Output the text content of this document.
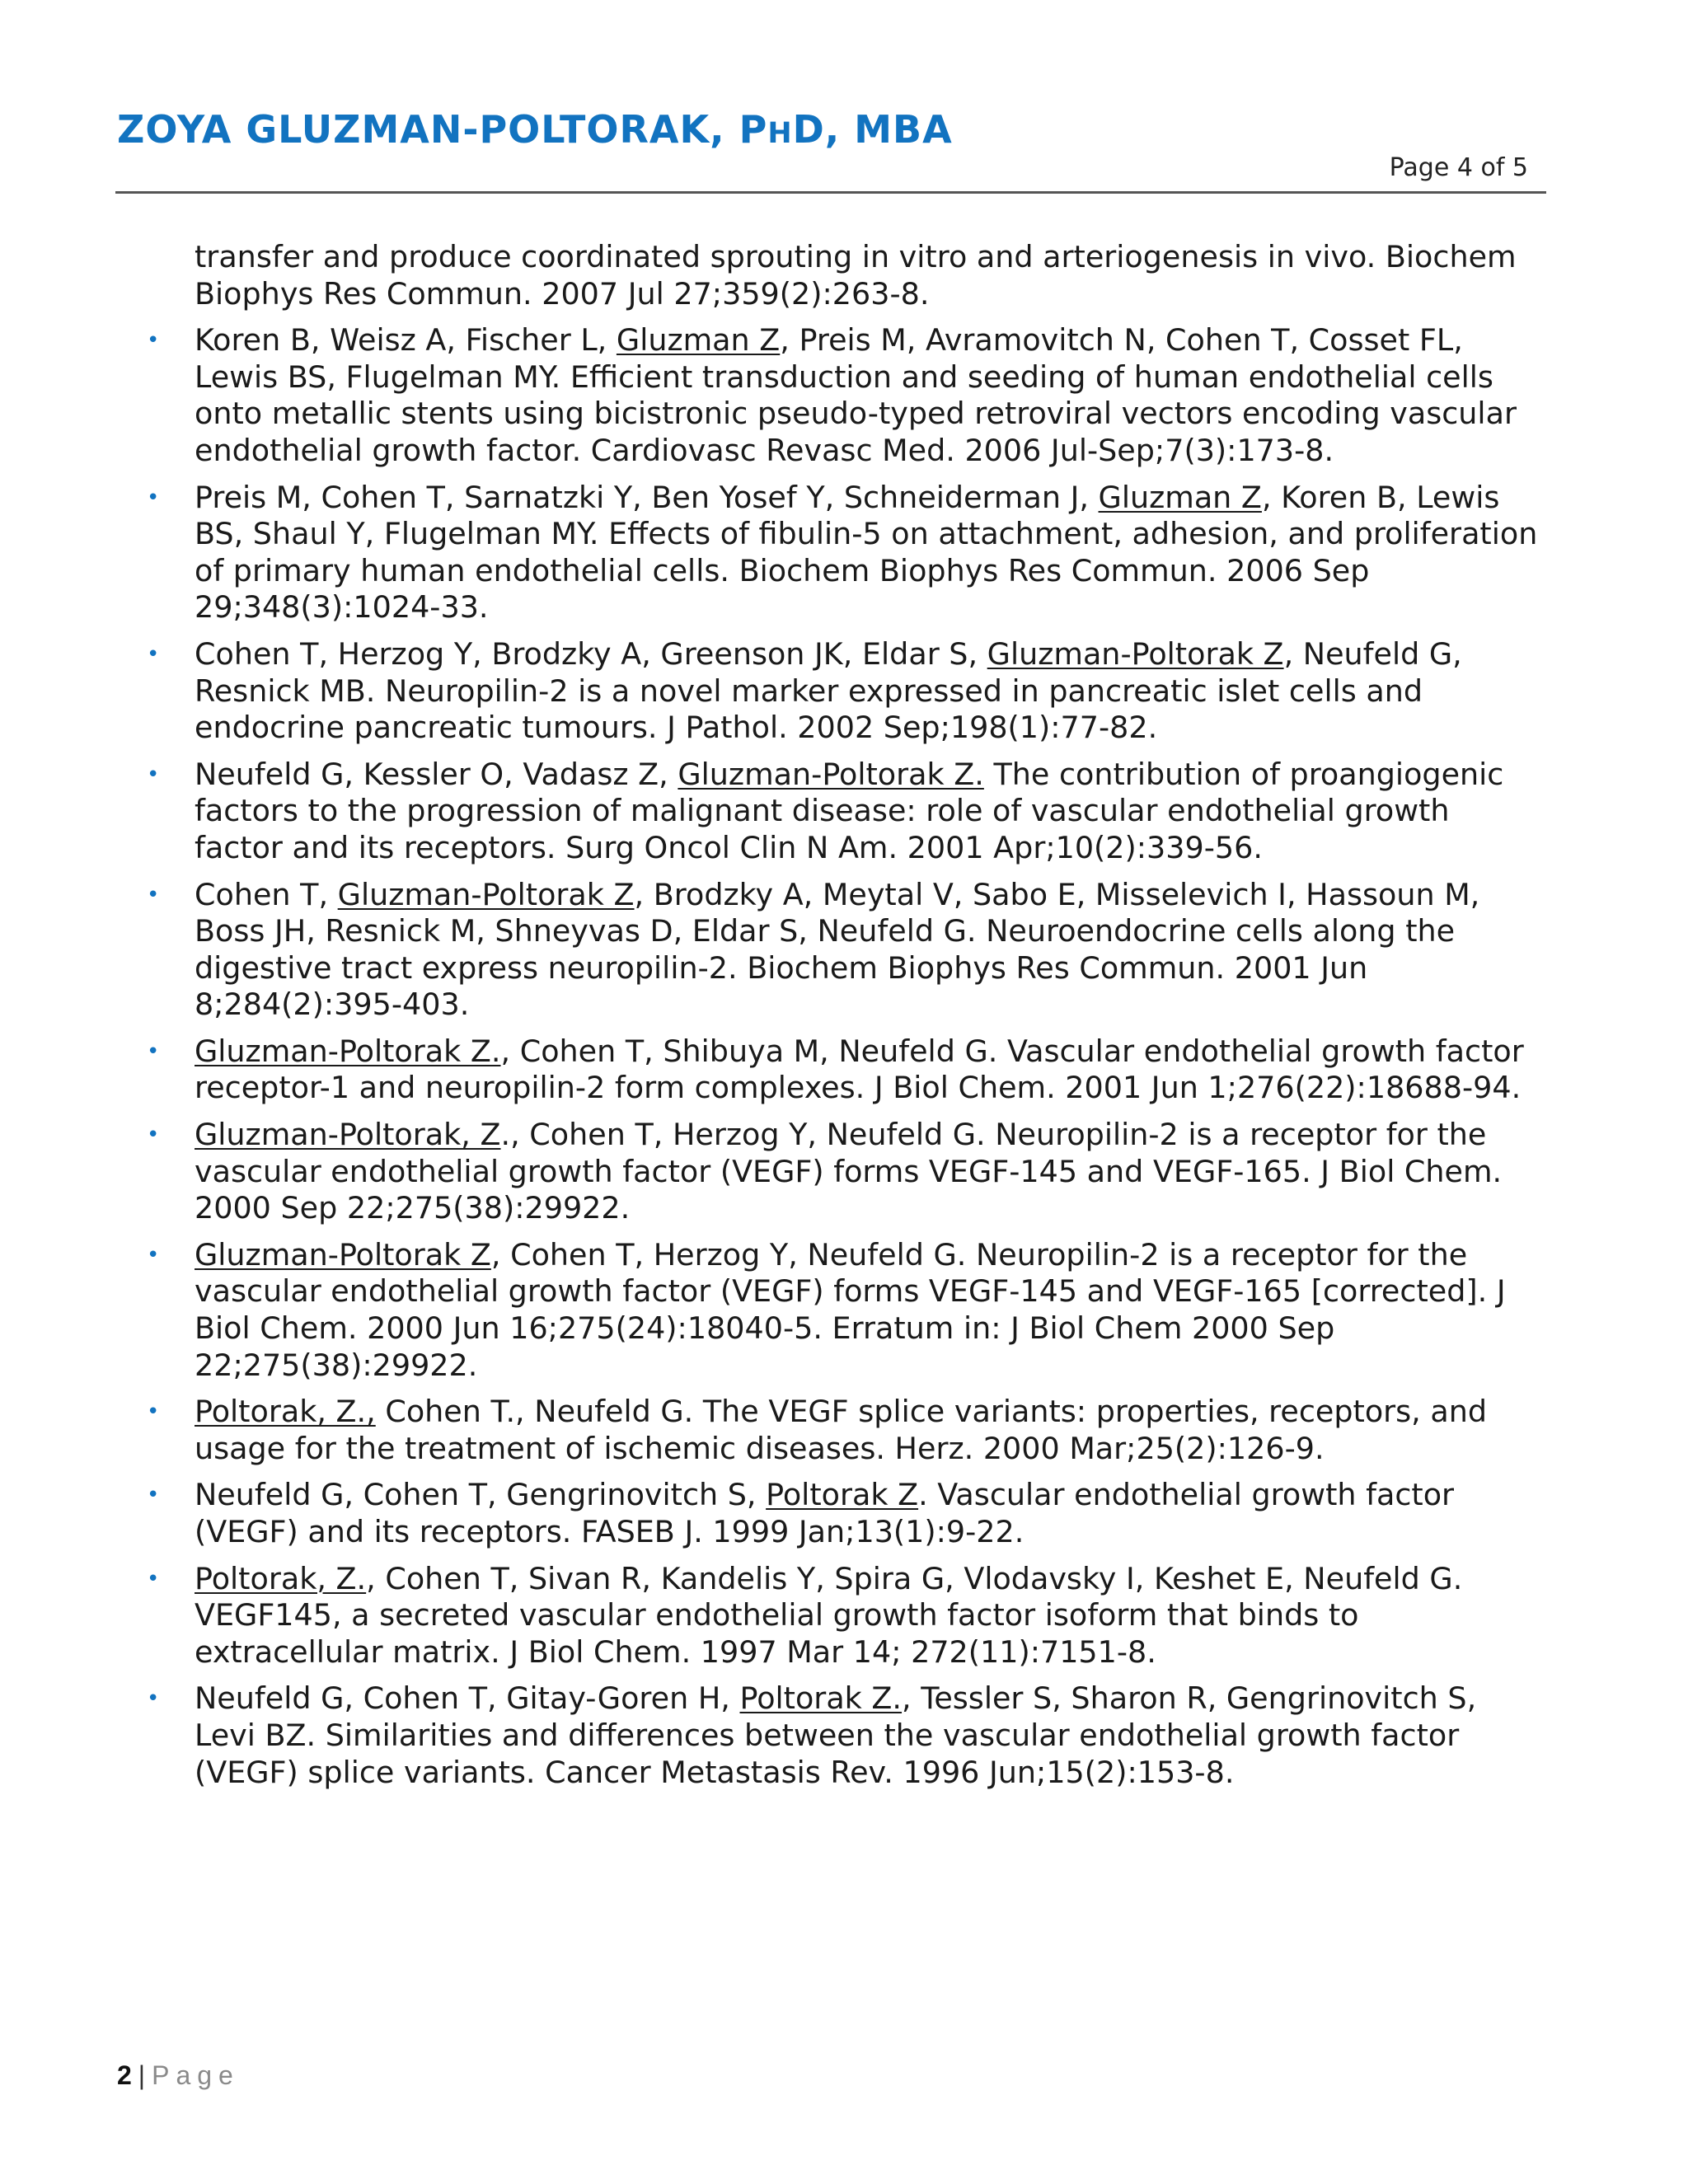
ZOYA GLUZMAN-POLTORAK, PHD, MBA
Page 4 of 5
transfer and produce coordinated sprouting in vitro and arteriogenesis in vivo. Biochem Biophys Res Commun. 2007 Jul 27;359(2):263-8.
• Koren B, Weisz A, Fischer L, Gluzman Z, Preis M, Avramovitch N, Cohen T, Cosset FL, Lewis BS, Flugelman MY. Efficient transduction and seeding of human endothelial cells onto metallic stents using bicistronic pseudo-typed retroviral vectors encoding vascular endothelial growth factor. Cardiovasc Revasc Med. 2006 Jul-Sep;7(3):173-8.
• Preis M, Cohen T, Sarnatzki Y, Ben Yosef Y, Schneiderman J, Gluzman Z, Koren B, Lewis BS, Shaul Y, Flugelman MY. Effects of fibulin-5 on attachment, adhesion, and proliferation of primary human endothelial cells. Biochem Biophys Res Commun. 2006 Sep 29;348(3):1024-33.
• Cohen T, Herzog Y, Brodzky A, Greenson JK, Eldar S, Gluzman-Poltorak Z, Neufeld G, Resnick MB. Neuropilin-2 is a novel marker expressed in pancreatic islet cells and endocrine pancreatic tumours. J Pathol. 2002 Sep;198(1):77-82.
• Neufeld G, Kessler O, Vadasz Z, Gluzman-Poltorak Z. The contribution of proangiogenic factors to the progression of malignant disease: role of vascular endothelial growth factor and its receptors. Surg Oncol Clin N Am. 2001 Apr;10(2):339-56.
• Cohen T, Gluzman-Poltorak Z, Brodzky A, Meytal V, Sabo E, Misselevich I, Hassoun M, Boss JH, Resnick M, Shneyvas D, Eldar S, Neufeld G. Neuroendocrine cells along the digestive tract express neuropilin-2. Biochem Biophys Res Commun. 2001 Jun 8;284(2):395-403.
• Gluzman-Poltorak Z., Cohen T, Shibuya M, Neufeld G. Vascular endothelial growth factor receptor-1 and neuropilin-2 form complexes. J Biol Chem. 2001 Jun 1;276(22):18688-94.
• Gluzman-Poltorak, Z., Cohen T, Herzog Y, Neufeld G. Neuropilin-2 is a receptor for the vascular endothelial growth factor (VEGF) forms VEGF-145 and VEGF-165. J Biol Chem. 2000 Sep 22;275(38):29922.
• Gluzman-Poltorak Z, Cohen T, Herzog Y, Neufeld G. Neuropilin-2 is a receptor for the vascular endothelial growth factor (VEGF) forms VEGF-145 and VEGF-165 [corrected]. J Biol Chem. 2000 Jun 16;275(24):18040-5. Erratum in: J Biol Chem 2000 Sep 22;275(38):29922.
• Poltorak, Z., Cohen T., Neufeld G. The VEGF splice variants: properties, receptors, and usage for the treatment of ischemic diseases. Herz. 2000 Mar;25(2):126-9.
• Neufeld G, Cohen T, Gengrinovitch S, Poltorak Z. Vascular endothelial growth factor (VEGF) and its receptors. FASEB J. 1999 Jan;13(1):9-22.
• Poltorak, Z., Cohen T, Sivan R, Kandelis Y, Spira G, Vlodavsky I, Keshet E, Neufeld G. VEGF145, a secreted vascular endothelial growth factor isoform that binds to extracellular matrix. J Biol Chem. 1997 Mar 14; 272(11):7151-8.
• Neufeld G, Cohen T, Gitay-Goren H, Poltorak Z., Tessler S, Sharon R, Gengrinovitch S, Levi BZ. Similarities and differences between the vascular endothelial growth factor (VEGF) splice variants. Cancer Metastasis Rev. 1996 Jun;15(2):153-8.
2 | Page
